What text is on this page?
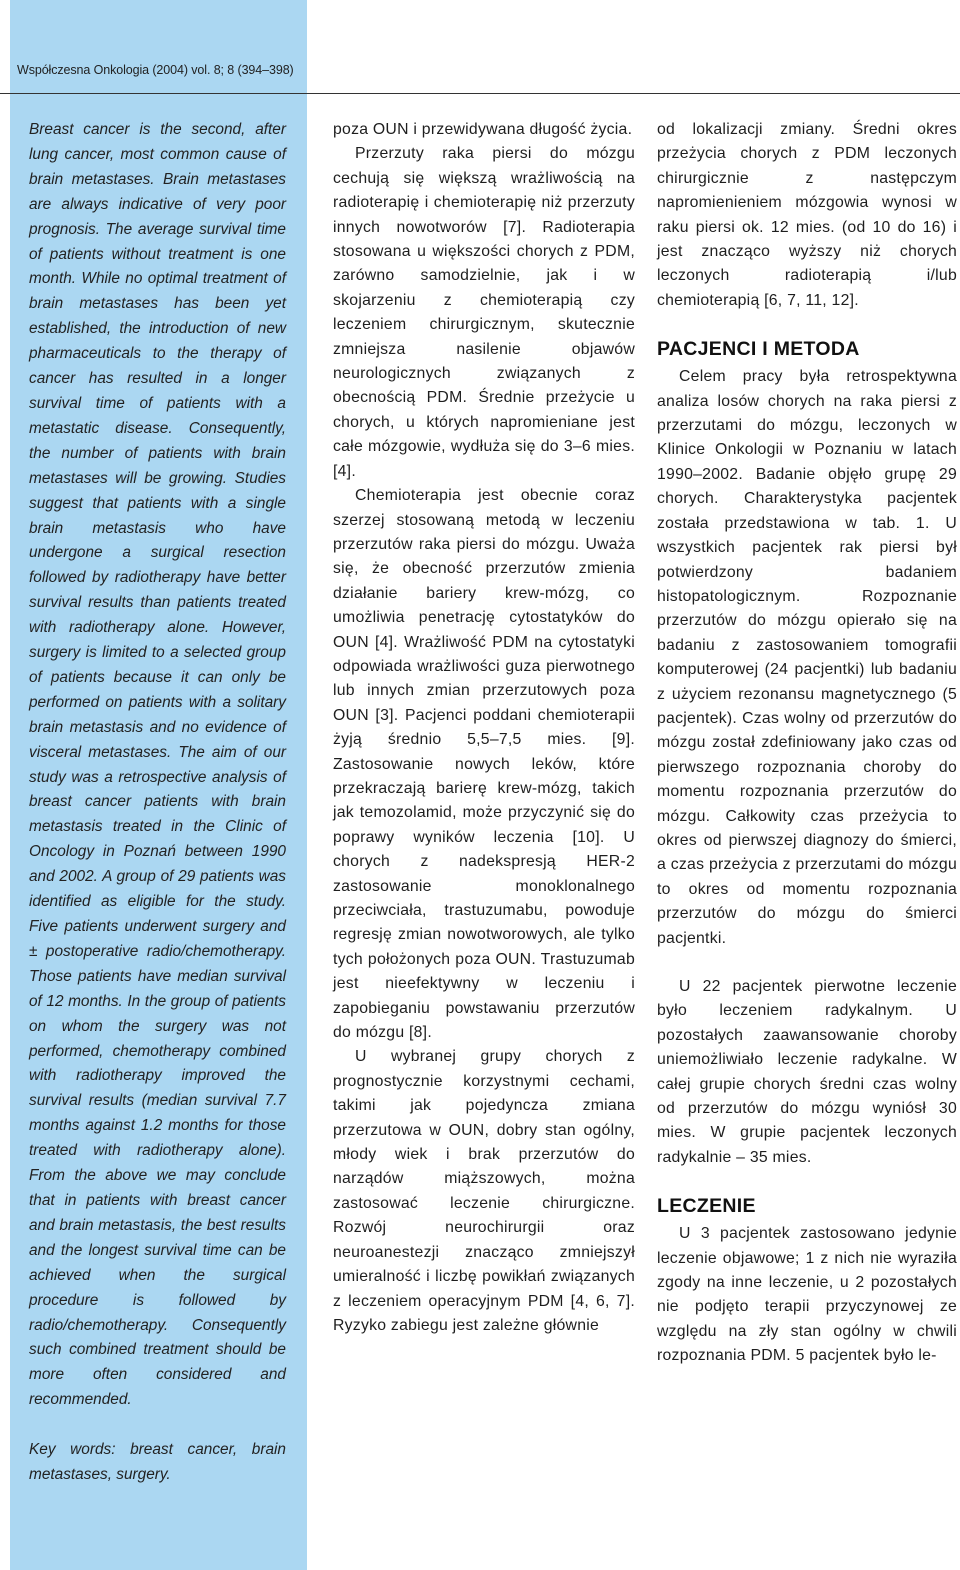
Współczesna Onkologia (2004) vol. 8; 8 (394–398)

Breast cancer is the second, after lung cancer, most common cause of brain metastases. Brain metastases are always indicative of very poor prognosis. The average survival time of patients without treatment is one month. While no optimal treatment of brain metastases has been yet established, the introduction of new pharmaceuticals to the therapy of cancer has resulted in a longer survival time of patients with a metastatic disease. Consequently, the number of patients with brain metastases will be growing. Studies suggest that patients with a single brain metastasis who have undergone a surgical resection followed by radiotherapy have better survival results than patients treated with radiotherapy alone. However, surgery is limited to a selected group of patients because it can only be performed on patients with a solitary brain metastasis and no evidence of visceral metastases. The aim of our study was a retrospective analysis of breast cancer patients with brain metastasis treated in the Clinic of Oncology in Poznań between 1990 and 2002. A group of 29 patients was identified as eligible for the study. Five patients underwent surgery and ± postoperative radio/chemotherapy. Those patients have median survival of 12 months. In the group of patients on whom the surgery was not performed, chemotherapy combined with radiotherapy improved the survival results (median survival 7.7 months against 1.2 months for those treated with radiotherapy alone). From the above we may conclude that in patients with breast cancer and brain metastasis, the best results and the longest survival time can be achieved when the surgical procedure is followed by radio/chemotherapy. Consequently such combined treatment should be more often considered and recommended.

Key words: breast cancer, brain metastases, surgery.

poza OUN i przewidywana długość życia.

Przerzuty raka piersi do mózgu cechują się większą wrażliwością na radioterapię i chemioterapię niż przerzuty innych nowotworów [7]. Radioterapia stosowana u większości chorych z PDM, zarówno samodzielnie, jak i w skojarzeniu z chemioterapią czy leczeniem chirurgicznym, skutecznie zmniejsza nasilenie objawów neurologicznych związanych z obecnością PDM. Średnie przeżycie u chorych, u których napromieniane jest całe mózgowie, wydłuża się do 3–6 mies. [4].

Chemioterapia jest obecnie coraz szerzej stosowaną metodą w leczeniu przerzutów raka piersi do mózgu. Uważa się, że obecność przerzutów zmienia działanie bariery krew-mózg, co umożliwia penetrację cytostatyków do OUN [4]. Wrażliwość PDM na cytostatyki odpowiada wrażliwości guza pierwotnego lub innych zmian przerzutowych poza OUN [3]. Pacjenci poddani chemioterapii żyją średnio 5,5–7,5 mies. [9]. Zastosowanie nowych leków, które przekraczają barierę krew-mózg, takich jak temozolamid, może przyczynić się do poprawy wyników leczenia [10]. U chorych z nadekspresją HER-2 zastosowanie monoklonalnego przeciwciała, trastuzumabu, powoduje regresję zmian nowotworowych, ale tylko tych położonych poza OUN. Trastuzumab jest nieefektywny w leczeniu i zapobieganiu powstawaniu przerzutów do mózgu [8].

U wybranej grupy chorych z prognostycznie korzystnymi cechami, takimi jak pojedyncza zmiana przerzutowa w OUN, dobry stan ogólny, młody wiek i brak przerzutów do narządów miąższowych, można zastosować leczenie chirurgiczne. Rozwój neurochirurgii oraz neuroanestezji znacząco zmniejszył umieralność i liczbę powikłań związanych z leczeniem operacyjnym PDM [4, 6, 7]. Ryzyko zabiegu jest zależne głównie

od lokalizacji zmiany. Średni okres przeżycia chorych z PDM leczonych chirurgicznie z następczym napromienieniem mózgowia wynosi w raku piersi ok. 12 mies. (od 10 do 16) i jest znacząco wyższy niż chorych leczonych radioterapią i/lub chemioterapią [6, 7, 11, 12].

PACJENCI I METODA

Celem pracy była retrospektywna analiza losów chorych na raka piersi z przerzutami do mózgu, leczonych w Klinice Onkologii w Poznaniu w latach 1990–2002. Badanie objęło grupę 29 chorych. Charakterystyka pacjentek została przedstawiona w tab. 1. U wszystkich pacjentek rak piersi był potwierdzony badaniem histopatologicznym. Rozpoznanie przerzutów do mózgu opierało się na badaniu z zastosowaniem tomografii komputerowej (24 pacjentki) lub badaniu z użyciem rezonansu magnetycznego (5 pacjentek). Czas wolny od przerzutów do mózgu został zdefiniowany jako czas od pierwszego rozpoznania choroby do momentu rozpoznania przerzutów do mózgu. Całkowity czas przeżycia to okres od pierwszej diagnozy do śmierci, a czas przeżycia z przerzutami do mózgu to okres od momentu rozpoznania przerzutów do mózgu do śmierci pacjentki.

U 22 pacjentek pierwotne leczenie było leczeniem radykalnym. U pozostałych zaawansowanie choroby uniemożliwiało leczenie radykalne. W całej grupie chorych średni czas wolny od przerzutów do mózgu wyniósł 30 mies. W grupie pacjentek leczonych radykalnie – 35 mies.

LECZENIE

U 3 pacjentek zastosowano jedynie leczenie objawowe; 1 z nich nie wyraziła zgody na inne leczenie, u 2 pozostałych nie podjęto terapii przyczynowej ze względu na zły stan ogólny w chwili rozpoznania PDM. 5 pacjentek było le-
